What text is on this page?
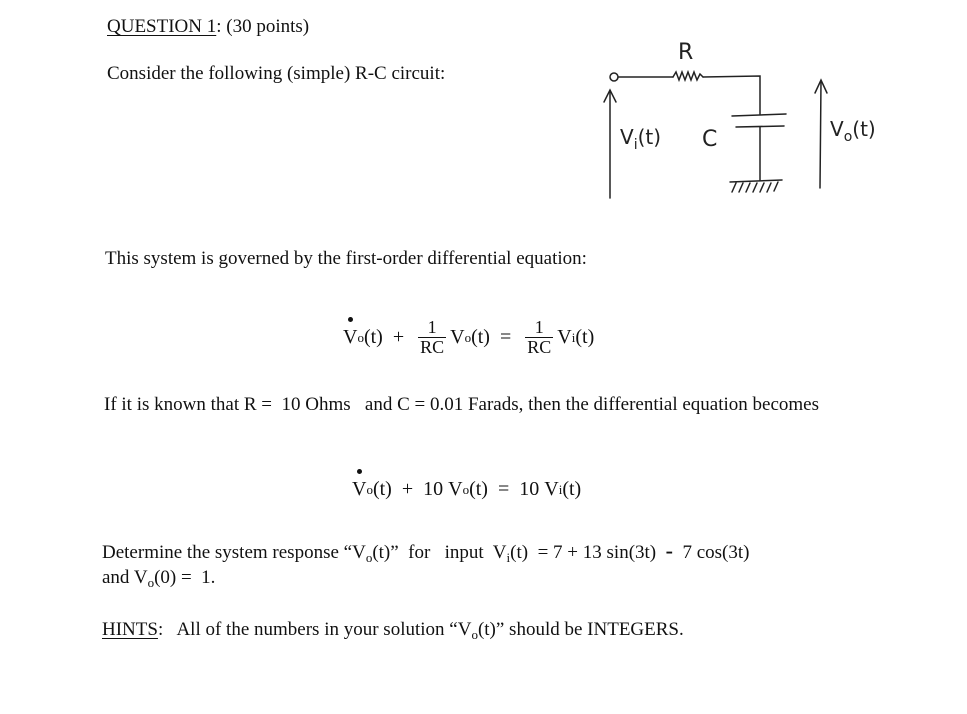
QUESTION 1: (30 points)
Consider the following (simple) R-C circuit:
R
C
$V_i(t)$	$V_o(t)$
This system is governed by the first-order differential equation:
V o $(t) + \frac{1}{RC}$ V o $(t) = \frac{1}{RC}$ V i (t)
If it is known that R = 10 Ohms and C = 0.01 Farads, then the differential equation becomes
V o (t) +  10
V o (t) =  10
V i (t)
Determine the system response “$V_o(t)$”  for input  $V_i(t) = 7 + 13$ sin(3t) - 7 cos(3t)
and $V_o(0) = 1$.
HINTS: All of the numbers in your solution “$V_o(t)$” should be INTEGERS.
